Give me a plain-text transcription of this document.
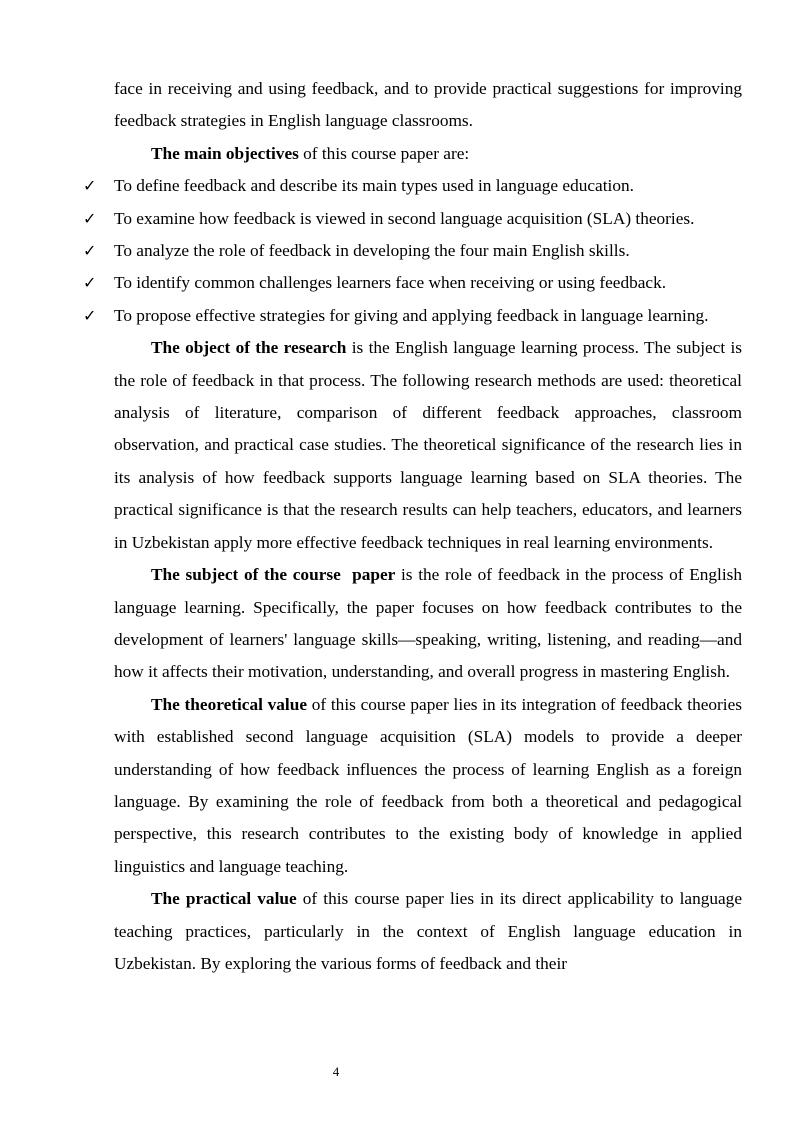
face in receiving and using feedback, and to provide practical suggestions for improving feedback strategies in English language classrooms.

The main objectives of this course paper are:

✓ To define feedback and describe its main types used in language education.
✓ To examine how feedback is viewed in second language acquisition (SLA) theories.
✓ To analyze the role of feedback in developing the four main English skills.
✓ To identify common challenges learners face when receiving or using feedback.
✓ To propose effective strategies for giving and applying feedback in language learning.

The object of the research is the English language learning process. The subject is the role of feedback in that process. The following research methods are used: theoretical analysis of literature, comparison of different feedback approaches, classroom observation, and practical case studies. The theoretical significance of the research lies in its analysis of how feedback supports language learning based on SLA theories. The practical significance is that the research results can help teachers, educators, and learners in Uzbekistan apply more effective feedback techniques in real learning environments.

The subject of the course  paper is the role of feedback in the process of English language learning. Specifically, the paper focuses on how feedback contributes to the development of learners' language skills—speaking, writing, listening, and reading—and how it affects their motivation, understanding, and overall progress in mastering English.

The theoretical value of this course paper lies in its integration of feedback theories with established second language acquisition (SLA) models to provide a deeper understanding of how feedback influences the process of learning English as a foreign language. By examining the role of feedback from both a theoretical and pedagogical perspective, this research contributes to the existing body of knowledge in applied linguistics and language teaching.

The practical value of this course paper lies in its direct applicability to language teaching practices, particularly in the context of English language education in Uzbekistan. By exploring the various forms of feedback and their

4
